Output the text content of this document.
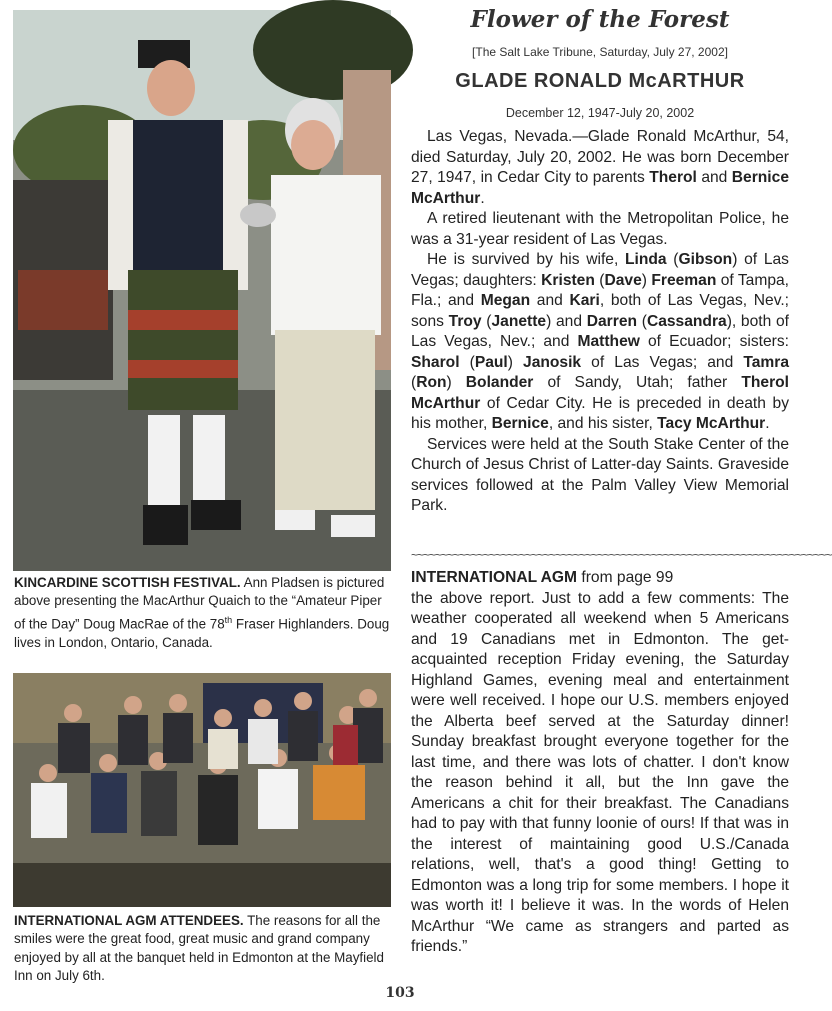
KINCARDINE SCOTTISH FESTIVAL. Ann Pladsen is pictured above presenting the MacArthur Quaich to the “Amateur Piper of the Day” Doug MacRae of the 78th Fraser Highlanders. Doug lives in London, Ontario, Canada.

INTERNATIONAL AGM ATTENDEES. The reasons for all the smiles were the great food, great music and grand company enjoyed by all at the banquet held in Edmonton at the Mayfield Inn on July 6th.

Flower of the Forest
[The Salt Lake Tribune, Saturday, July 27, 2002]
GLADE RONALD McARTHUR
December 12, 1947-July 20, 2002

Las Vegas, Nevada.—Glade Ronald McArthur, 54, died Saturday, July 20, 2002. He was born December 27, 1947, in Cedar City to parents Therol and Bernice McArthur.

A retired lieutenant with the Metropolitan Police, he was a 31-year resident of Las Vegas.

He is survived by his wife, Linda (Gibson) of Las Vegas; daughters: Kristen (Dave) Freeman of Tampa, Fla.; and Megan and Kari, both of Las Vegas, Nev.; sons Troy (Janette) and Darren (Cassandra), both of Las Vegas, Nev.; and Matthew of Ecuador; sisters: Sharol (Paul) Janosik of Las Vegas; and Tamra (Ron) Bolander of Sandy, Utah; father Therol McArthur of Cedar City. He is preceded in death by his mother, Bernice, and his sister, Tacy McArthur.

Services were held at the South Stake Center of the Church of Jesus Christ of Latter-day Saints. Graveside services followed at the Palm Valley View Memorial Park.

~~~~~~~~~~~~~~~~~~~~~~~~~~~~~~~~~~~~~~~~~~~~~~~~~~~~~~~~~~~~~~~~~~~~~~

INTERNATIONAL AGM from page 99

the above report. Just to add a few comments: The weather cooperated all weekend when 5 Americans and 19 Canadians met in Edmonton. The get-acquainted reception Friday evening, the Saturday Highland Games, evening meal and entertainment were well received. I hope our U.S. members enjoyed the Alberta beef served at the Saturday dinner! Sunday breakfast brought everyone together for the last time, and there was lots of chatter. I don't know the reason behind it all, but the Inn gave the Americans a chit for their breakfast. The Canadians had to pay with that funny loonie of ours! If that was in the interest of maintaining good U.S./Canada relations, well, that's a good thing! Getting to Edmonton was a long trip for some members. I hope it was worth it! I believe it was. In the words of Helen McArthur “We came as strangers and parted as friends.”

103
